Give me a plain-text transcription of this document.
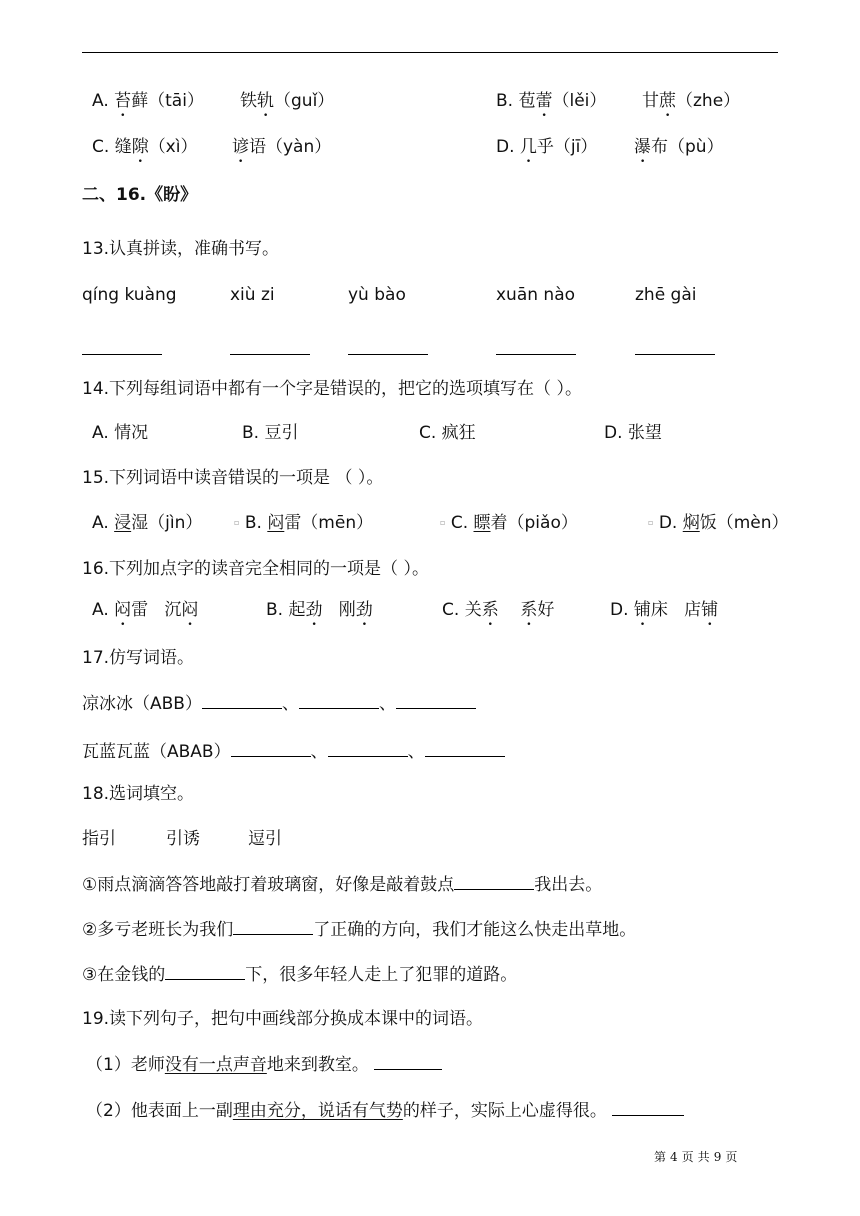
A. 苔藓（tāi） 铁轨（guǐ）	B. 苞蕾（lěi） 甘蔗（zhe）
C. 缝隙（xì） 谚语（yàn）	D. 几乎（jī） 瀑布（pù）
二、16.《盼》
13.认真拼读，准确书写。
qíng kuàng	xiù zi	yù bào	xuān nào	zhē gài
14.下列每组词语中都有一个字是错误的，把它的选项填写在（ ）。
A. 情况	B. 豆引	C. 疯狂	D. 张望
15.下列词语中读音错误的一项是 （ ）。
A. 浸湿（jìn）	▫ B. 闷雷（mēn）	▫ C. 瞟着（piǎo）	▫ D. 焖饭（mèn）
16.下列加点字的读音完全相同的一项是（ ）。
A. 闷雷 沉闷	B. 起劲 刚劲	C. 关系 系好	D. 铺床 店铺
17.仿写词语。
凉冰冰（ABB）	、	、
瓦蓝瓦蓝（ABAB）	、	、
18.选词填空。
指引	引诱	逗引
①雨点滴滴答答地敲打着玻璃窗，好像是敲着鼓点	我出去。
②多亏老班长为我们	了正确的方向，我们才能这么快走出草地。
③在金钱的	下，很多年轻人走上了犯罪的道路。
19.读下列句子，把句中画线部分换成本课中的词语。
（1）老师没有一点声音地来到教室。
（2）他表面上一副理由充分，说话有气势的样子，实际上心虚得很。
第 4 页 共 9 页
